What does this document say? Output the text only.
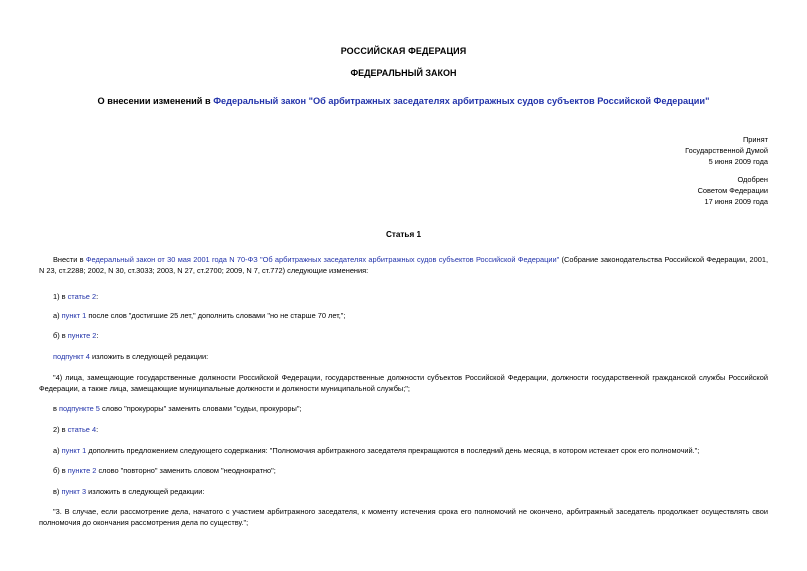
РОССИЙСКАЯ ФЕДЕРАЦИЯ
ФЕДЕРАЛЬНЫЙ ЗАКОН
О внесении изменений в Федеральный закон "Об арбитражных заседателях арбитражных судов субъектов Российской Федерации"
Принят
Государственной Думой
5 июня 2009 года
Одобрен
Советом Федерации
17 июня 2009 года
Статья 1
Внести в Федеральный закон от 30 мая 2001 года N 70-ФЗ "Об арбитражных заседателях арбитражных судов субъектов Российской Федерации" (Собрание законодательства Российской Федерации, 2001, N 23, ст.2288; 2002, N 30, ст.3033; 2003, N 27, ст.2700; 2009, N 7, ст.772) следующие изменения:
1) в статье 2:
а) пункт 1 после слов "достигшие 25 лет," дополнить словами "но не старше 70 лет,";
б) в пункте 2:
подпункт 4 изложить в следующей редакции:
"4) лица, замещающие государственные должности Российской Федерации, государственные должности субъектов Российской Федерации, должности государственной гражданской службы Российской Федерации, а также лица, замещающие муниципальные должности и должности муниципальной службы;";
в подпункте 5 слово "прокуроры" заменить словами "судьи, прокуроры";
2) в статье 4:
а) пункт 1 дополнить предложением следующего содержания: "Полномочия арбитражного заседателя прекращаются в последний день месяца, в котором истекает срок его полномочий.";
б) в пункте 2 слово "повторно" заменить словом "неоднократно";
в) пункт 3 изложить в следующей редакции:
"3. В случае, если рассмотрение дела, начатого с участием арбитражного заседателя, к моменту истечения срока его полномочий не окончено, арбитражный заседатель продолжает осуществлять свои полномочия до окончания рассмотрения дела по существу.";
